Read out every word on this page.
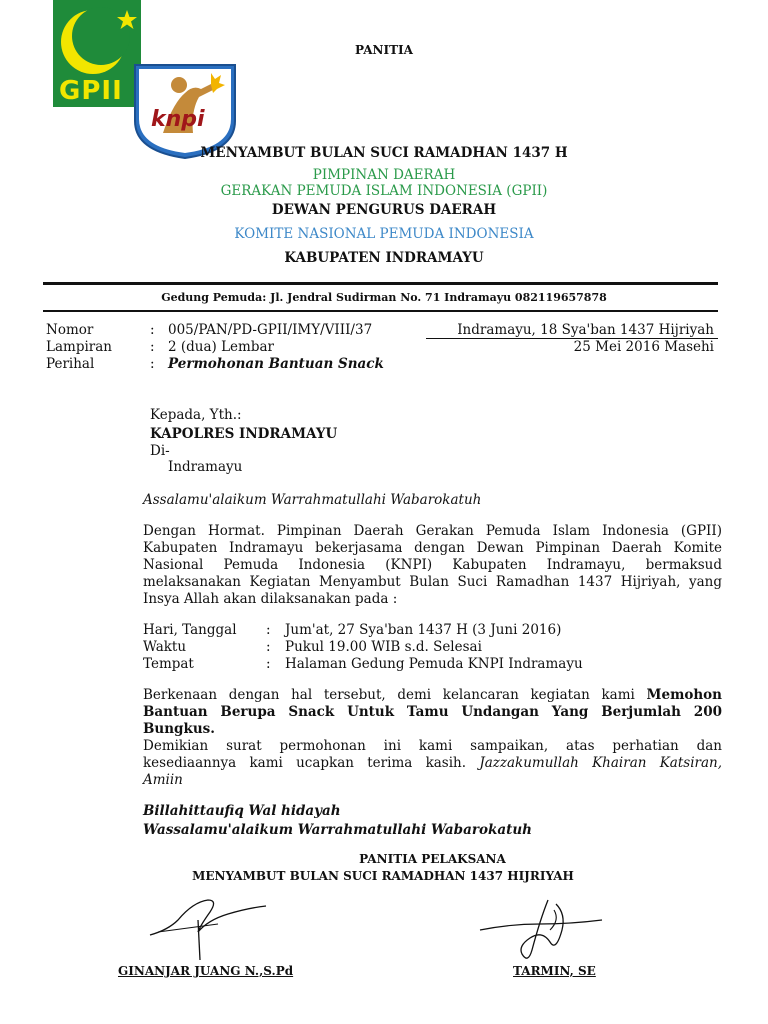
GPII
knpi
PANITIA
MENYAMBUT BULAN SUCI RAMADHAN 1437 H
PIMPINAN DAERAH
GERAKAN PEMUDA ISLAM INDONESIA (GPII)
DEWAN PENGURUS DAERAH
KOMITE NASIONAL PEMUDA INDONESIA
KABUPATEN INDRAMAYU
Gedung Pemuda: Jl. Jendral Sudirman No. 71 Indramayu 082119657878
Nomor	: 005/PAN/PD-GPII/IMY/VIII/37
Lampiran	: 2 (dua) Lembar
Perihal	: Permohonan Bantuan Snack
Indramayu, 18 Sya'ban 1437 Hijriyah
25 Mei 2016 Masehi
Kepada, Yth.:
KAPOLRES INDRAMAYU
Di-
Indramayu
Assalamu'alaikum Warrahmatullahi Wabarokatuh
Dengan Hormat. Pimpinan Daerah Gerakan Pemuda Islam Indonesia (GPII)
Kabupaten Indramayu bekerjasama dengan Dewan Pimpinan Daerah Komite
Nasional Pemuda Indonesia (KNPI) Kabupaten Indramayu, bermaksud
melaksanakan Kegiatan Menyambut Bulan Suci Ramadhan 1437 Hijriyah, yang
Insya Allah akan dilaksanakan pada :
Hari, Tanggal : Jum'at, 27 Sya'ban 1437 H (3 Juni 2016)
Waktu	: Pukul 19.00 WIB s.d. Selesai
Tempat	: Halaman Gedung Pemuda KNPI Indramayu
Berkenaan dengan hal tersebut, demi kelancaran kegiatan kami Memohon
Bantuan Berupa Snack Untuk Tamu Undangan Yang Berjumlah 200 Bungkus.
Demikian surat permohonan ini kami sampaikan, atas perhatian dan
kesediaannya kami ucapkan terima kasih. Jazzakumullah Khairan Katsiran,
Amiin
Billahittaufiq Wal hidayah
Wassalamu'alaikum Warrahmatullahi Wabarokatuh
PANITIA PELAKSANA
MENYAMBUT BULAN SUCI RAMADHAN 1437 HIJRIYAH
GINANJAR JUANG N.,S.Pd	TARMIN, SE
